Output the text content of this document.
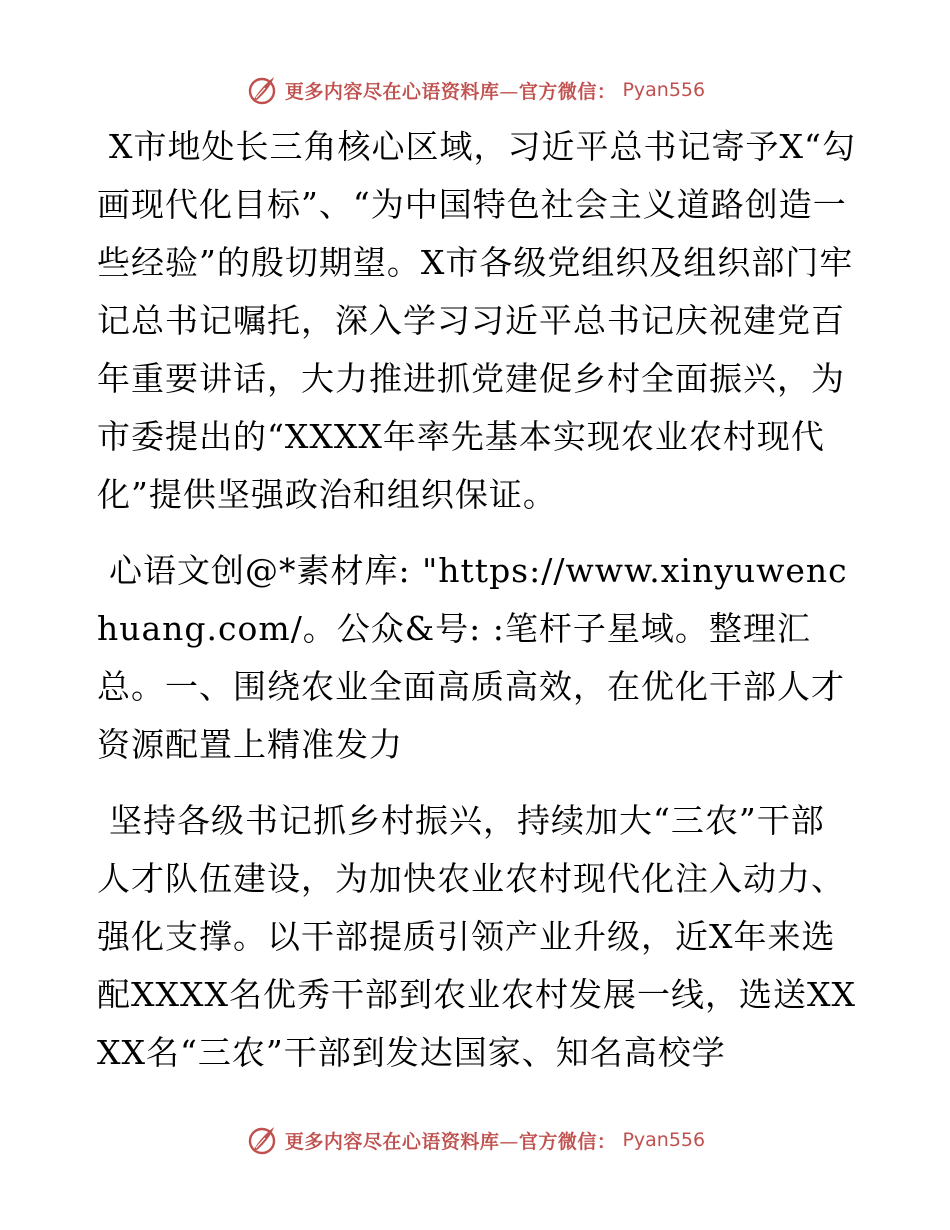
更多内容尽在心语资料库—官方微信： Pyan556

X市地处长三角核心区域，习近平总书记寄予X“勾画现代化目标”、“为中国特色社会主义道路创造一些经验”的殷切期望。X市各级党组织及组织部门牢记总书记嘱托，深入学习习近平总书记庆祝建党百年重要讲话，大力推进抓党建促乡村全面振兴，为市委提出的“XXXX年率先基本实现农业农村现代化”提供坚强政治和组织保证。

心语文创@*素材库: "https://www.xinyuwenchuang.com/。公众&号: :笔杆子星域。整理汇总。一、围绕农业全面高质高效，在优化干部人才资源配置上精准发力

坚持各级书记抓乡村振兴，持续加大“三农”干部人才队伍建设，为加快农业农村现代化注入动力、强化支撑。以干部提质引领产业升级，近X年来选配XXXX名优秀干部到农业农村发展一线，选送XXXX名“三农”干部到发达国家、知名高校学

更多内容尽在心语资料库—官方微信： Pyan556
